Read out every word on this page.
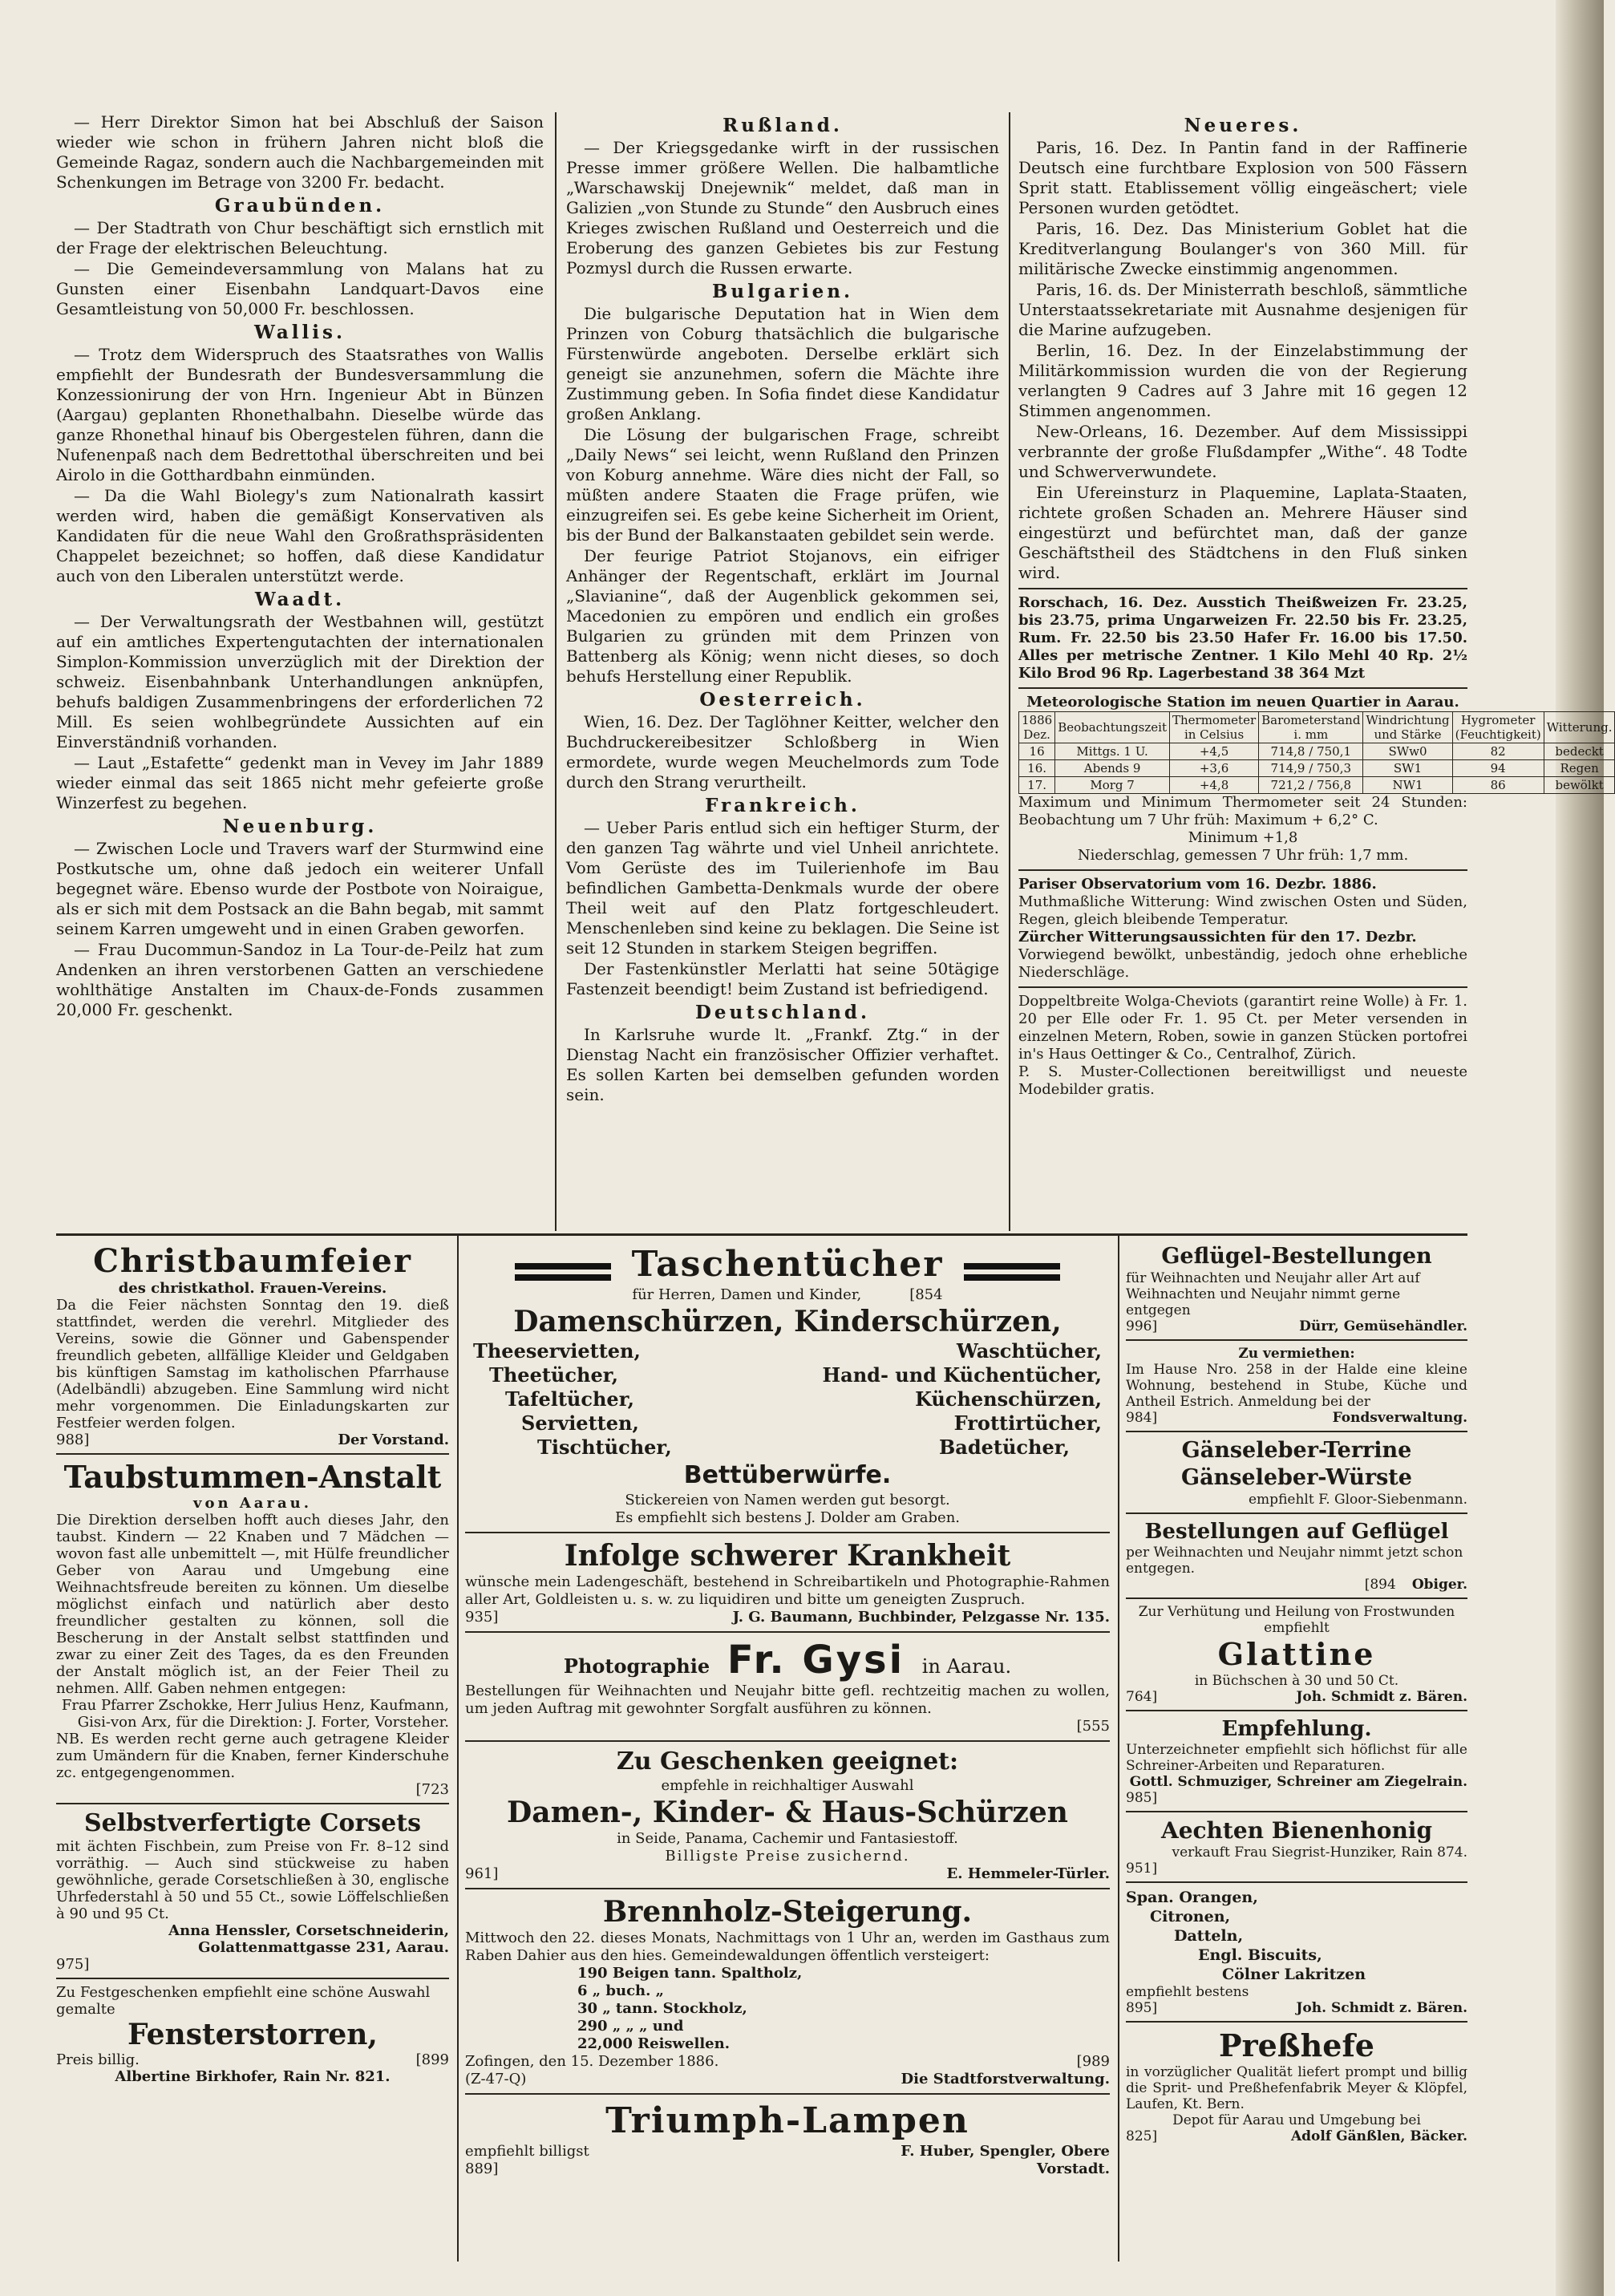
— Herr Direktor Simon hat bei Abschluß der Saison wieder wie schon in frühern Jahren nicht bloß die Gemeinde Ragaz, sondern auch die Nachbargemeinden mit Schenkungen im Betrage von 3200 Fr. bedacht.

Graubünden.

— Der Stadtrath von Chur beschäftigt sich ernstlich mit der Frage der elektrischen Beleuchtung.

— Die Gemeindeversammlung von Malans hat zu Gunsten einer Eisenbahn Landquart-Davos eine Gesamtleistung von 50,000 Fr. beschlossen.

Wallis.

— Trotz dem Widerspruch des Staatsrathes von Wallis empfiehlt der Bundesrath der Bundesversammlung die Konzessionirung der von Hrn. Ingenieur Abt in Bünzen (Aargau) geplanten Rhonethalbahn. Dieselbe würde das ganze Rhonethal hinauf bis Obergestelen führen, dann die Nufenenpaß nach dem Bedrettothal überschreiten und bei Airolo in die Gotthardbahn einmünden.

— Da die Wahl Biolegy's zum Nationalrath kassirt werden wird, haben die gemäßigt Konservativen als Kandidaten für die neue Wahl den Großrathspräsidenten Chappelet bezeichnet; so hoffen, daß diese Kandidatur auch von den Liberalen unterstützt werde.

Waadt.

— Der Verwaltungsrath der Westbahnen will, gestützt auf ein amtliches Expertengutachten der internationalen Simplon-Kommission unverzüglich mit der Direktion der schweiz. Eisenbahnbank Unterhandlungen anknüpfen, behufs baldigen Zusammenbringens der erforderlichen 72 Mill. Es seien wohlbegründete Aussichten auf ein Einverständniß vorhanden.

— Laut „Estafette“ gedenkt man in Vevey im Jahr 1889 wieder einmal das seit 1865 nicht mehr gefeierte große Winzerfest zu begehen.

Neuenburg.

— Zwischen Locle und Travers warf der Sturmwind eine Postkutsche um, ohne daß jedoch ein weiterer Unfall begegnet wäre. Ebenso wurde der Postbote von Noiraigue, als er sich mit dem Postsack an die Bahn begab, mit sammt seinem Karren umgeweht und in einen Graben geworfen.

— Frau Ducommun-Sandoz in La Tour-de-Peilz hat zum Andenken an ihren verstorbenen Gatten an verschiedene wohlthätige Anstalten im Chaux-de-Fonds zusammen 20,000 Fr. geschenkt.

Rußland.

— Der Kriegsgedanke wirft in der russischen Presse immer größere Wellen. Die halbamtliche „Warschawskij Dnejewnik“ meldet, daß man in Galizien „von Stunde zu Stunde“ den Ausbruch eines Krieges zwischen Rußland und Oesterreich und die Eroberung des ganzen Gebietes bis zur Festung Pozmysl durch die Russen erwarte.

Bulgarien.

Die bulgarische Deputation hat in Wien dem Prinzen von Coburg thatsächlich die bulgarische Fürstenwürde angeboten. Derselbe erklärt sich geneigt sie anzunehmen, sofern die Mächte ihre Zustimmung geben. In Sofia findet diese Kandidatur großen Anklang.

Die Lösung der bulgarischen Frage, schreibt „Daily News“ sei leicht, wenn Rußland den Prinzen von Koburg annehme. Wäre dies nicht der Fall, so müßten andere Staaten die Frage prüfen, wie einzugreifen sei. Es gebe keine Sicherheit im Orient, bis der Bund der Balkanstaaten gebildet sein werde.

Der feurige Patriot Stojanovs, ein eifriger Anhänger der Regentschaft, erklärt im Journal „Slavianine“, daß der Augenblick gekommen sei, Macedonien zu empören und endlich ein großes Bulgarien zu gründen mit dem Prinzen von Battenberg als König; wenn nicht dieses, so doch behufs Herstellung einer Republik.

Oesterreich.

Wien, 16. Dez. Der Taglöhner Keitter, welcher den Buchdruckereibesitzer Schloßberg in Wien ermordete, wurde wegen Meuchelmords zum Tode durch den Strang verurtheilt.

Frankreich.

— Ueber Paris entlud sich ein heftiger Sturm, der den ganzen Tag währte und viel Unheil anrichtete. Vom Gerüste des im Tuilerienhofe im Bau befindlichen Gambetta-Denkmals wurde der obere Theil weit auf den Platz fortgeschleudert. Menschenleben sind keine zu beklagen. Die Seine ist seit 12 Stunden in starkem Steigen begriffen.

Der Fastenkünstler Merlatti hat seine 50tägige Fastenzeit beendigt! beim Zustand ist befriedigend.

Deutschland.

In Karlsruhe wurde lt. „Frankf. Ztg.“ in der Dienstag Nacht ein französischer Offizier verhaftet. Es sollen Karten bei demselben gefunden worden sein.

Neueres.

Paris, 16. Dez. In Pantin fand in der Raffinerie Deutsch eine furchtbare Explosion von 500 Fässern Sprit statt. Etablissement völlig eingeäschert; viele Personen wurden getödtet.

Paris, 16. Dez. Das Ministerium Goblet hat die Kreditverlangung Boulanger's von 360 Mill. für militärische Zwecke einstimmig angenommen.

Paris, 16. ds. Der Ministerrath beschloß, sämmtliche Unterstaatssekretariate mit Ausnahme desjenigen für die Marine aufzugeben.

Berlin, 16. Dez. In der Einzelabstimmung der Militärkommission wurden die von der Regierung verlangten 9 Cadres auf 3 Jahre mit 16 gegen 12 Stimmen angenommen.

New-Orleans, 16. Dezember. Auf dem Mississippi verbrannte der große Flußdampfer „Withe“. 48 Todte und Schwerverwundete.

Ein Ufereinsturz in Plaquemine, Laplata-Staaten, richtete großen Schaden an. Mehrere Häuser sind eingestürzt und befürchtet man, daß der ganze Geschäftstheil des Städtchens in den Fluß sinken wird.

Rorschach, 16. Dez. Ausstich Theißweizen Fr. 23.25, bis 23.75, prima Ungarweizen Fr. 22.50 bis Fr. 23.25, Rum. Fr. 22.50 bis 23.50 Hafer Fr. 16.00 bis 17.50. Alles per metrische Zentner. 1 Kilo Mehl 40 Rp. 2½ Kilo Brod 96 Rp. Lagerbestand 38 364 Mzt
Meteorologische Station im neuen Quartier in Aarau.
1886 Dez.	Beobachtungszeit	Thermometer in Celsius	Barometerstand i. mm	Windrichtung und Stärke	Hygrometer (Feuchtigkeit)	Witterung.
16	Mittgs. 1 U.	+4,5	714,8 / 750,1	SWw0	82	bedeckt
16.	Abends 9	+3,6	714,9 / 750,3	SW1	94	Regen
17.	Morg 7	+4,8	721,2 / 756,8	NW1	86	bewölkt
Maximum und Minimum Thermometer seit 24 Stunden: Beobachtung um 7 Uhr früh: Maximum + 6,2° C.
Minimum +1,8
Niederschlag, gemessen 7 Uhr früh: 1,7 mm.
Pariser Observatorium vom 16. Dezbr. 1886.
Muthmaßliche Witterung: Wind zwischen Osten und Süden, Regen, gleich bleibende Temperatur.
Zürcher Witterungsaussichten für den 17. Dezbr.
Vorwiegend bewölkt, unbeständig, jedoch ohne erhebliche Niederschläge.
Doppeltbreite Wolga-Cheviots (garantirt reine Wolle) à Fr. 1. 20 per Elle oder Fr. 1. 95 Ct. per Meter versenden in einzelnen Metern, Roben, sowie in ganzen Stücken portofrei in's Haus Oettinger & Co., Centralhof, Zürich.
P. S. Muster-Collectionen bereitwilligst und neueste Modebilder gratis.
Christbaumfeier
des christkathol. Frauen-Vereins.
Da die Feier nächsten Sonntag den 19. dieß stattfindet, werden die verehrl. Mitglieder des Vereins, sowie die Gönner und Gabenspender freundlich gebeten, allfällige Kleider und Geldgaben bis künftigen Samstag im katholischen Pfarrhause (Adelbändli) abzugeben. Eine Sammlung wird nicht mehr vorgenommen. Die Einladungskarten zur Festfeier werden folgen.
988]	Der Vorstand.
Taubstummen-Anstalt
von Aarau.
Die Direktion derselben hofft auch dieses Jahr, den taubst. Kindern — 22 Knaben und 7 Mädchen — wovon fast alle unbemittelt —, mit Hülfe freundlicher Geber von Aarau und Umgebung eine Weihnachtsfreude bereiten zu können. Um dieselbe möglichst einfach und natürlich aber desto freundlicher gestalten zu können, soll die Bescherung in der Anstalt selbst stattfinden und zwar zu einer Zeit des Tages, da es den Freunden der Anstalt möglich ist, an der Feier Theil zu nehmen. Allf. Gaben nehmen entgegen:
Frau Pfarrer Zschokke, Herr Julius Henz, Kaufmann, Gisi-von Arx, für die Direktion: J. Forter, Vorsteher.
NB. Es werden recht gerne auch getragene Kleider zum Umändern für die Knaben, ferner Kinderschuhe zc. entgegengenommen.
[723
Selbstverfertigte Corsets
mit ächten Fischbein, zum Preise von Fr. 8–12 sind vorräthig. — Auch sind stückweise zu haben gewöhnliche, gerade Corsetschließen à 30, englische Uhrfederstahl à 50 und 55 Ct., sowie Löffelschließen à 90 und 95 Ct.
Anna Henssler, Corsetschneiderin, Golattenmattgasse 231, Aarau.
975]
Zu Festgeschenken empfiehlt eine schöne Auswahl gemalte
Fensterstorren,
Preis billig.	[899
Albertine Birkhofer, Rain Nr. 821.
Taschentücher
für Herren, Damen und Kinder,	[854
Damenschürzen, Kinderschürzen,
Theeservietten,
Theetücher,
Tafeltücher,
Servietten,
Tischtücher,
Waschtücher,
Hand- und Küchentücher,
Küchenschürzen,
Frottirtücher,
Badetücher,
Bettüberwürfe.
Stickereien von Namen werden gut besorgt.
Es empfiehlt sich bestens J. Dolder am Graben.
Infolge schwerer Krankheit
wünsche mein Ladengeschäft, bestehend in Schreibartikeln und Photographie-Rahmen aller Art, Goldleisten u. s. w. zu liquidiren und bitte um geneigten Zuspruch.
935]	J. G. Baumann, Buchbinder, Pelzgasse Nr. 135.
Photographie Fr. Gysi in Aarau.
Bestellungen für Weihnachten und Neujahr bitte gefl. rechtzeitig machen zu wollen, um jeden Auftrag mit gewohnter Sorgfalt ausführen zu können.
[555
Zu Geschenken geeignet:
empfehle in reichhaltiger Auswahl
Damen-, Kinder- & Haus-Schürzen
in Seide, Panama, Cachemir und Fantasiestoff.
Billigste Preise zusichernd.
961]	E. Hemmeler-Türler.
Brennholz-Steigerung.
Mittwoch den 22. dieses Monats, Nachmittags von 1 Uhr an, werden im Gasthaus zum Raben Dahier aus den hies. Gemeindewaldungen öffentlich versteigert:
190 Beigen tann. Spaltholz,
6 „ buch. „
30 „ tann. Stockholz,
290 „ „ „ und
22,000 Reiswellen.
Zofingen, den 15. Dezember 1886.	[989
(Z-47-Q)	Die Stadtforstverwaltung.
Triumph-Lampen
empfiehlt billigst
889]
F. Huber, Spengler, Obere Vorstadt.
Geflügel-Bestellungen
für Weihnachten und Neujahr aller Art auf Weihnachten und Neujahr nimmt gerne entgegen
996]	Dürr, Gemüsehändler.
Zu vermiethen:
Im Hause Nro. 258 in der Halde eine kleine Wohnung, bestehend in Stube, Küche und Antheil Estrich. Anmeldung bei der
984]	Fondsverwaltung.
Gänseleber-Terrine
Gänseleber-Würste
empfiehlt F. Gloor-Siebenmann.
Bestellungen auf Geflügel
per Weihnachten und Neujahr nimmt jetzt schon entgegen.
[894 Obiger.
Zur Verhütung und Heilung von Frostwunden empfiehlt
Glattine
in Büchschen à 30 und 50 Ct.
764]	Joh. Schmidt z. Bären.
Empfehlung.
Unterzeichneter empfiehlt sich höflichst für alle Schreiner-Arbeiten und Reparaturen.
Gottl. Schmuziger, Schreiner am Ziegelrain.
985]
Aechten Bienenhonig
verkauft Frau Siegrist-Hunziker, Rain 874.
951]
Span. Orangen,
Citronen,
Datteln,
Engl. Biscuits,
Cölner Lakritzen
empfiehlt bestens
895]	Joh. Schmidt z. Bären.
Preßhefe
in vorzüglicher Qualität liefert prompt und billig die Sprit- und Preßhefenfabrik Meyer & Klöpfel, Laufen, Kt. Bern.
Depot für Aarau und Umgebung bei
825]	Adolf Gänßlen, Bäcker.
